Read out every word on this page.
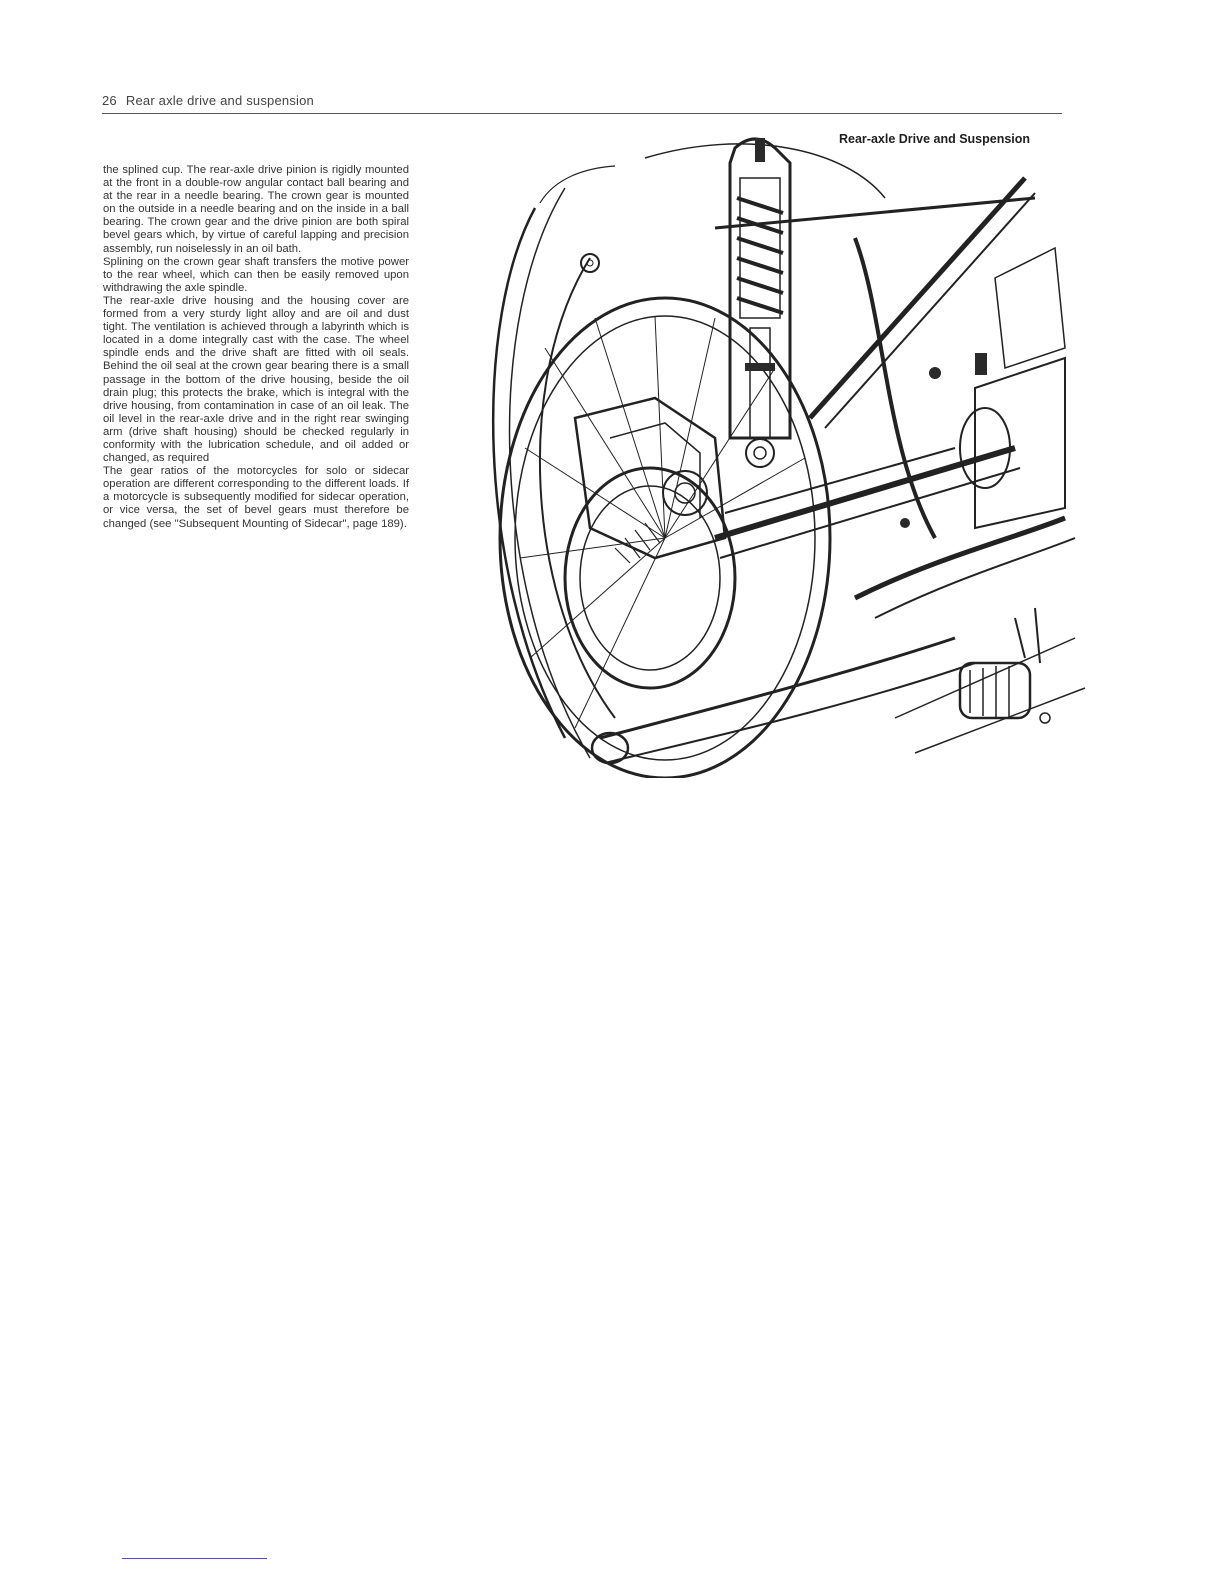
26 Rear axle drive and suspension

the splined cup. The rear-axle drive pinion is rigidly mounted at the front in a double-row angular contact ball bearing and at the rear in a needle bearing. The crown gear is mounted on the outside in a needle bearing and on the inside in a ball bearing. The crown gear and the drive pinion are both spiral bevel gears which, by virtue of careful lapping and precision assembly, run noiselessly in an oil bath.

Splining on the crown gear shaft transfers the motive power to the rear wheel, which can then be easily removed upon withdrawing the axle spindle.

The rear-axle drive housing and the housing cover are formed from a very sturdy light alloy and are oil and dust tight. The ventilation is achieved through a labyrinth which is located in a dome integrally cast with the case. The wheel spindle ends and the drive shaft are fitted with oil seals. Behind the oil seal at the crown gear bearing there is a small passage in the bottom of the drive housing, beside the oil drain plug; this protects the brake, which is integral with the drive housing, from contamination in case of an oil leak. The oil level in the rear-axle drive and in the right rear swinging arm (drive shaft housing) should be checked regularly in conformity with the lubrication schedule, and oil added or changed, as required

The gear ratios of the motorcycles for solo or sidecar operation are different corresponding to the different loads. If a motorcycle is subsequently modified for sidecar operation, or vice versa, the set of bevel gears must therefore be changed (see "Subsequent Mounting of Sidecar", page 189).

Rear-axle Drive and Suspension
